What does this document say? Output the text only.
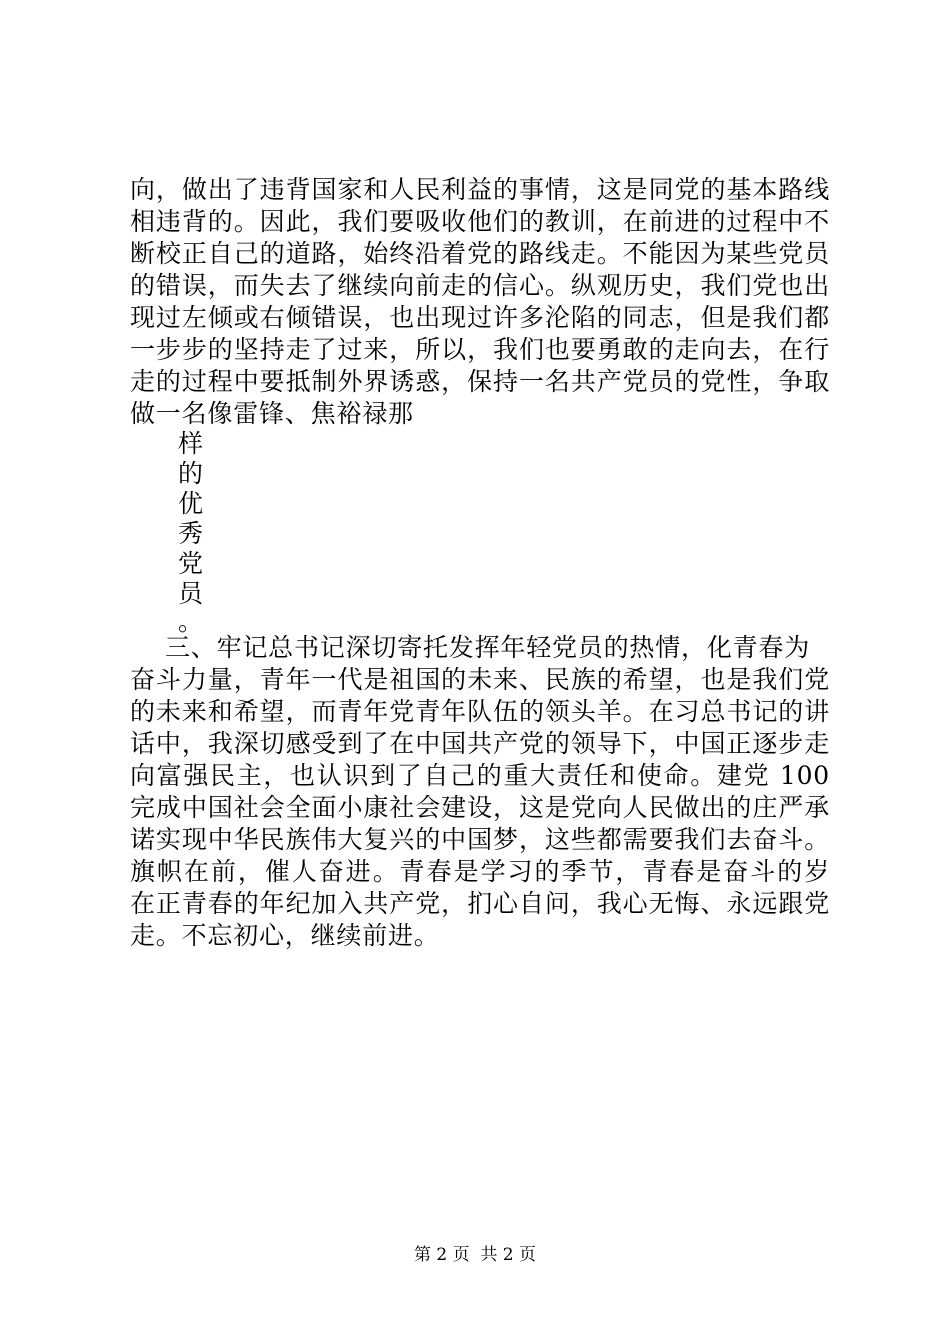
向，做出了违背国家和人民利益的事情，这是同党的基本路线
相违背的。因此，我们要吸收他们的教训，在前进的过程中不
断校正自己的道路，始终沿着党的路线走。不能因为某些党员
的错误，而失去了继续向前走的信心。纵观历史，我们党也出
现过左倾或右倾错误，也出现过许多沦陷的同志，但是我们都
一步步的坚持走了过来，所以，我们也要勇敢的走向去，在行
走的过程中要抵制外界诱惑，保持一名共产党员的党性，争取
做一名像雷锋、焦裕禄那
样
的
优
秀
党
员
。
三、牢记总书记深切寄托发挥年轻党员的热情，化青春为
奋斗力量，青年一代是祖国的未来、民族的希望，也是我们党
的未来和希望，而青年党青年队伍的领头羊。在习总书记的讲
话中，我深切感受到了在中国共产党的领导下，中国正逐步走
向富强民主，也认识到了自己的重大责任和使命。建党 100
完成中国社会全面小康社会建设，这是党向人民做出的庄严承
诺实现中华民族伟大复兴的中国梦，这些都需要我们去奋斗。
旗帜在前，催人奋进。青春是学习的季节，青春是奋斗的岁
在正青春的年纪加入共产党，扪心自问，我心无悔、永远跟党
走。不忘初心，继续前进。
第 2 页  共 2 页
